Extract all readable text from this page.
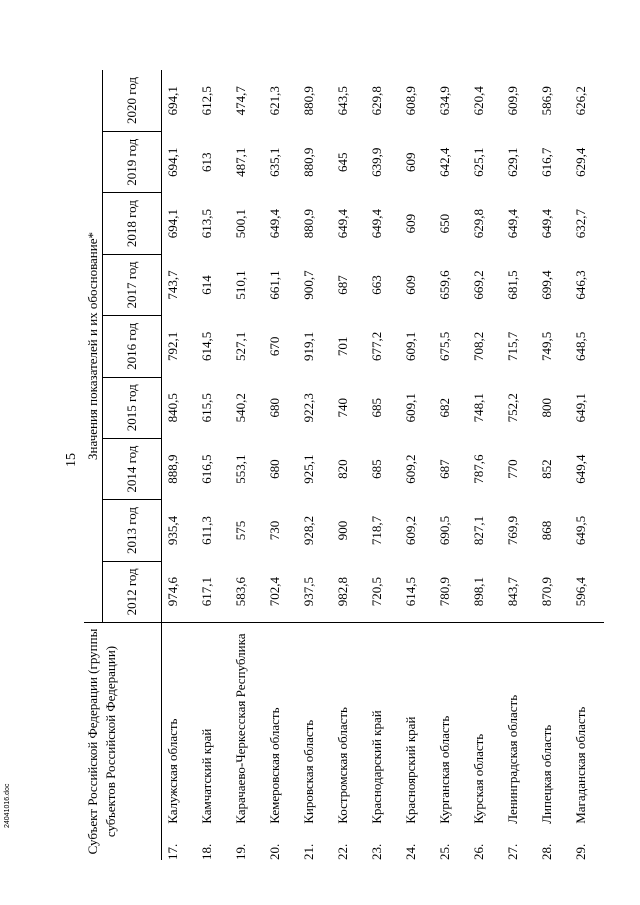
15
Субъект Российской Федерации (группы субъектов Российской Федерации)		Значения показателей и их обоснование*								
		2012 год	2013 год	2014 год	2015 год	2016 год	2017 год	2018 год	2019 год	2020 год
17.	Калужская область	974,6	935,4	888,9	840,5	792,1	743,7	694,1	694,1	694,1
18.	Камчатский край	617,1	611,3	616,5	615,5	614,5	614	613,5	613	612,5
19.	Карачаево-Черкесская Республика	583,6	575	553,1	540,2	527,1	510,1	500,1	487,1	474,7
20.	Кемеровская область	702,4	730	680	680	670	661,1	649,4	635,1	621,3
21.	Кировская область	937,5	928,2	925,1	922,3	919,1	900,7	880,9	880,9	880,9
22.	Костромская область	982,8	900	820	740	701	687	649,4	645	643,5
23.	Краснодарский край	720,5	718,7	685	685	677,2	663	649,4	639,9	629,8
24.	Красноярский край	614,5	609,2	609,2	609,1	609,1	609	609	609	608,9
25.	Курганская область	780,9	690,5	687	682	675,5	659,6	650	642,4	634,9
26.	Курская область	898,1	827,1	787,6	748,1	708,2	669,2	629,8	625,1	620,4
27.	Ленинградская область	843,7	769,9	770	752,2	715,7	681,5	649,4	629,1	609,9
28.	Липецкая область	870,9	868	852	800	749,5	699,4	649,4	616,7	586,9
29.	Магаданская область	596,4	649,5	649,4	649,1	648,5	646,3	632,7	629,4	626,2
24041016.doc
